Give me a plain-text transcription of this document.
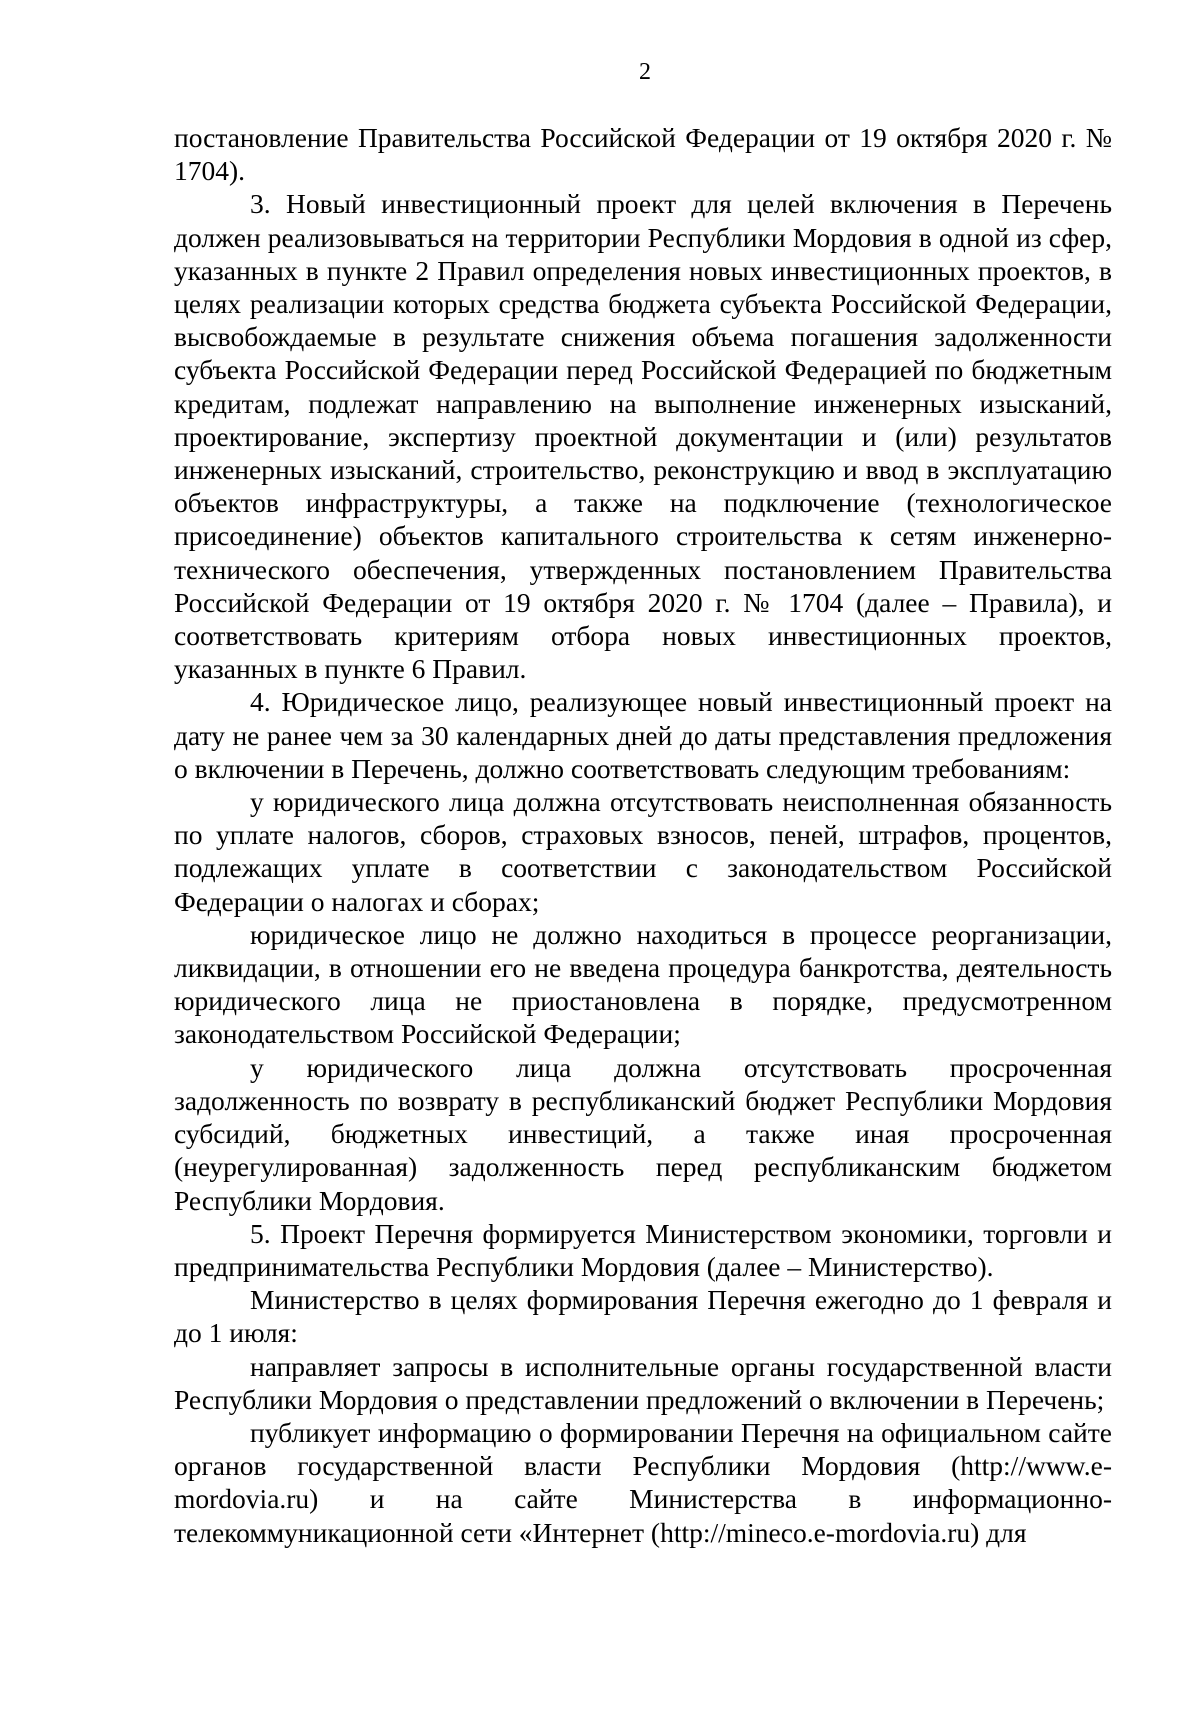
2

постановление Правительства Российской Федерации от 19 октября 2020 г. № 1704).

3. Новый инвестиционный проект для целей включения в Перечень должен реализовываться на территории Республики Мордовия в одной из сфер, указанных в пункте 2 Правил определения новых инвестиционных проектов, в целях реализации которых средства бюджета субъекта Российской Федерации, высвобождаемые в результате снижения объема погашения задолженности субъекта Российской Федерации перед Российской Федерацией по бюджетным кредитам, подлежат направлению на выполнение инженерных изысканий, проектирование, экспертизу проектной документации и (или) результатов инженерных изысканий, строительство, реконструкцию и ввод в эксплуатацию объектов инфраструктуры, а также на подключение (технологическое присоединение) объектов капитального строительства к сетям инженерно-технического обеспечения, утвержденных постановлением Правительства Российской Федерации от 19 октября 2020 г. № 1704 (далее – Правила), и соответствовать критериям отбора новых инвестиционных проектов, указанных в пункте 6 Правил.

4. Юридическое лицо, реализующее новый инвестиционный проект на дату не ранее чем за 30 календарных дней до даты представления предложения о включении в Перечень, должно соответствовать следующим требованиям:

у юридического лица должна отсутствовать неисполненная обязанность по уплате налогов, сборов, страховых взносов, пеней, штрафов, процентов, подлежащих уплате в соответствии с законодательством Российской Федерации о налогах и сборах;

юридическое лицо не должно находиться в процессе реорганизации, ликвидации, в отношении его не введена процедура банкротства, деятельность юридического лица не приостановлена в порядке, предусмотренном законодательством Российской Федерации;

у юридического лица должна отсутствовать просроченная задолженность по возврату в республиканский бюджет Республики Мордовия субсидий, бюджетных инвестиций, а также иная просроченная (неурегулированная) задолженность перед республиканским бюджетом Республики Мордовия.

5. Проект Перечня формируется Министерством экономики, торговли и предпринимательства Республики Мордовия (далее – Министерство).

Министерство в целях формирования Перечня ежегодно до 1 февраля и до 1 июля:

направляет запросы в исполнительные органы государственной власти Республики Мордовия о представлении предложений о включении в Перечень;

публикует информацию о формировании Перечня на официальном сайте органов государственной власти Республики Мордовия (http://www.e-mordovia.ru) и на сайте Министерства в информационно-телекоммуникационной сети «Интернет (http://mineco.e-mordovia.ru) для
